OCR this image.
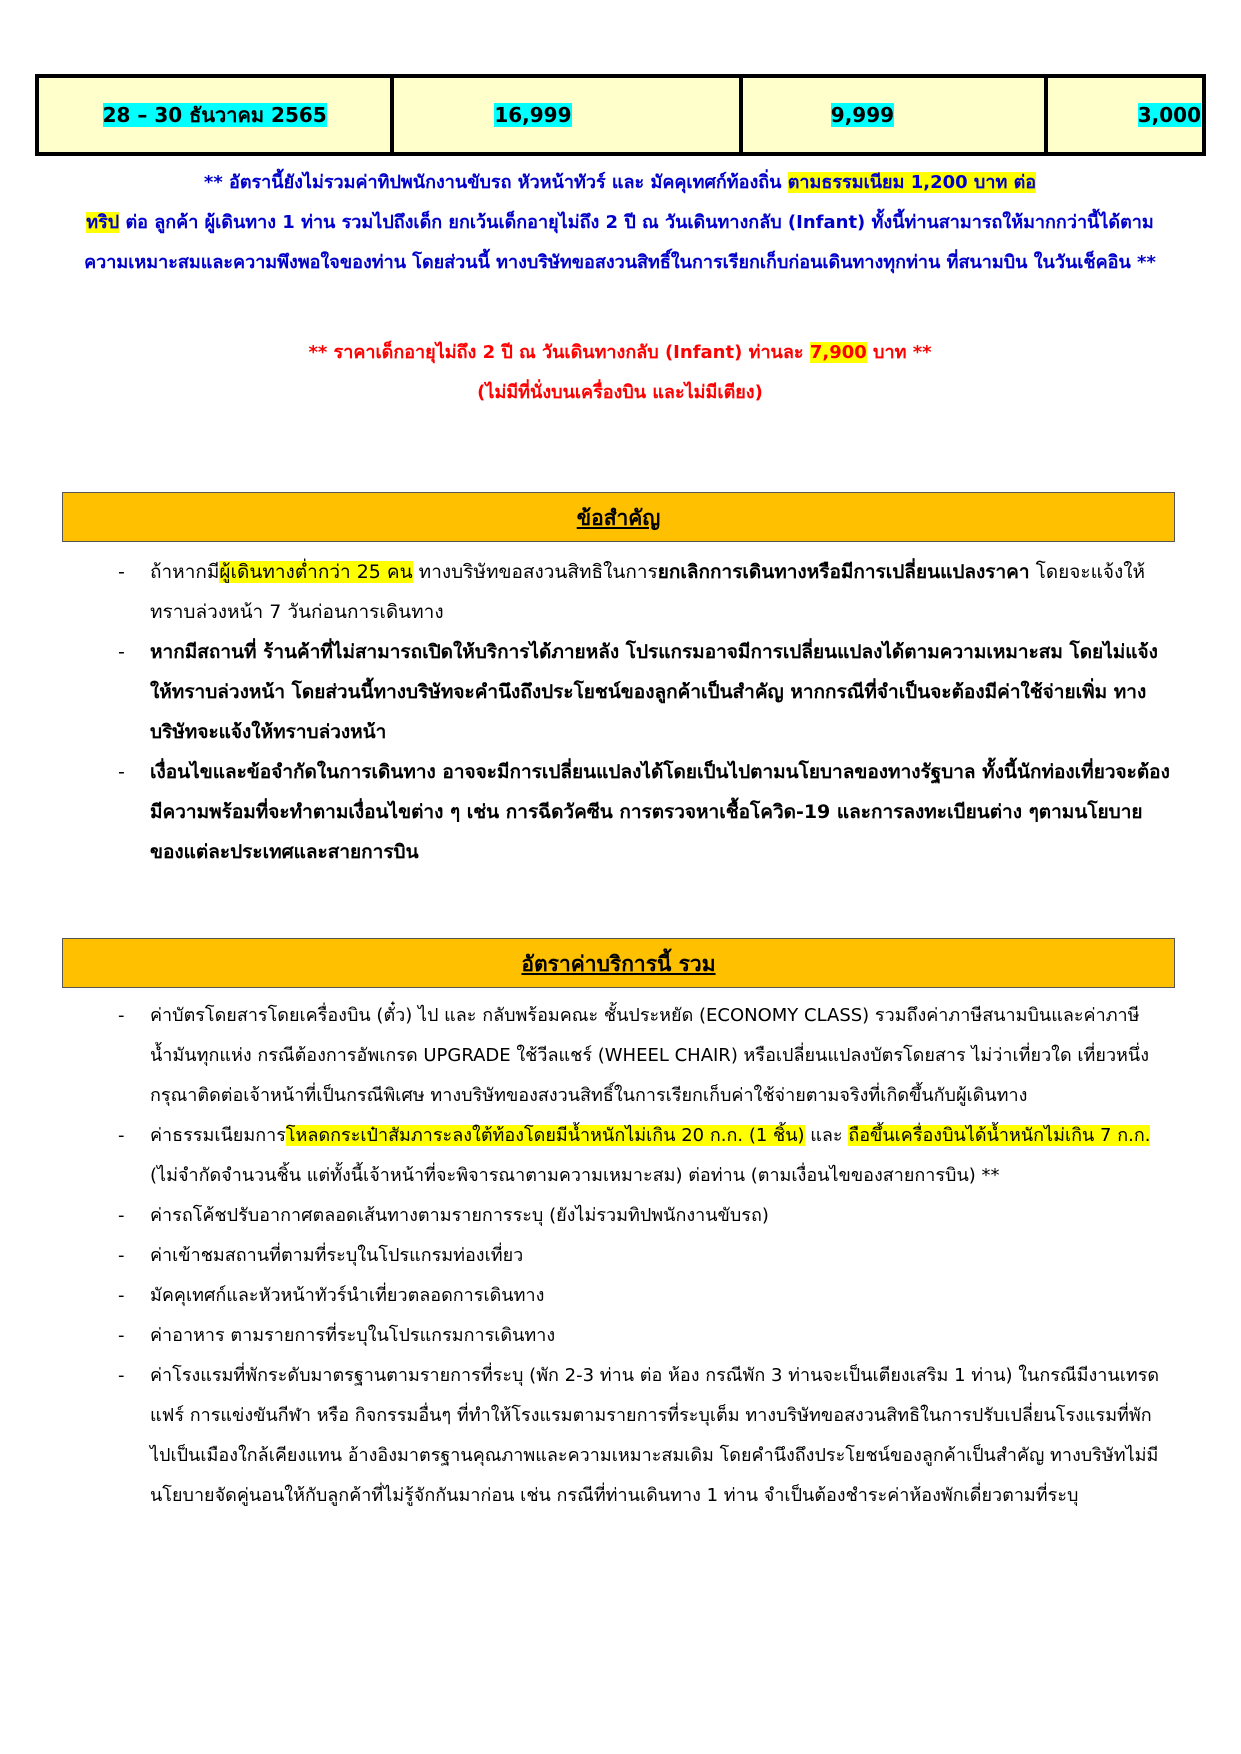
28 – 30 ธันวาคม 2565	16,999	9,999	3,000
** อัตรานี้ยังไม่รวมค่าทิปพนักงานขับรถ หัวหน้าทัวร์ และ มัคคุเทศก์ท้องถิ่น ตามธรรมเนียม 1,200 บาท ต่อ
ทริป ต่อ ลูกค้า ผู้เดินทาง 1 ท่าน รวมไปถึงเด็ก ยกเว้นเด็กอายุไม่ถึง 2 ปี ณ วันเดินทางกลับ (Infant) ทั้งนี้ท่านสามารถให้มากกว่านี้ได้ตามความเหมาะสมและความพึงพอใจของท่าน โดยส่วนนี้ ทางบริษัทขอสงวนสิทธิ์ในการเรียกเก็บก่อนเดินทางทุกท่าน ที่สนามบิน ในวันเช็คอิน **
** ราคาเด็กอายุไม่ถึง 2 ปี ณ วันเดินทางกลับ (Infant) ท่านละ 7,900 บาท **
(ไม่มีที่นั่งบนเครื่องบิน และไม่มีเตียง)
ข้อสำคัญ
- ถ้าหากมีผู้เดินทางต่ำกว่า 25 คน ทางบริษัทขอสงวนสิทธิในการยกเลิกการเดินทางหรือมีการเปลี่ยนแปลงราคา โดยจะแจ้งให้ทราบล่วงหน้า 7 วันก่อนการเดินทาง
- หากมีสถานที่ ร้านค้าที่ไม่สามารถเปิดให้บริการได้ภายหลัง โปรแกรมอาจมีการเปลี่ยนแปลงได้ตามความเหมาะสม โดยไม่แจ้งให้ทราบล่วงหน้า โดยส่วนนี้ทางบริษัทจะคำนึงถึงประโยชน์ของลูกค้าเป็นสำคัญ หากกรณีที่จำเป็นจะต้องมีค่าใช้จ่ายเพิ่ม ทางบริษัทจะแจ้งให้ทราบล่วงหน้า
- เงื่อนไขและข้อจำกัดในการเดินทาง อาจจะมีการเปลี่ยนแปลงได้โดยเป็นไปตามนโยบาลของทางรัฐบาล ทั้งนี้นักท่องเที่ยวจะต้องมีความพร้อมที่จะทำตามเงื่อนไขต่าง ๆ เช่น การฉีดวัคซีน การตรวจหาเชื้อโควิด-19 และการลงทะเบียนต่าง ๆตามนโยบายของแต่ละประเทศและสายการบิน
อัตราค่าบริการนี้ รวม
- ค่าบัตรโดยสารโดยเครื่องบิน (ตั๋ว) ไป และ กลับพร้อมคณะ ชั้นประหยัด (ECONOMY CLASS) รวมถึงค่าภาษีสนามบินและค่าภาษีน้ำมันทุกแห่ง กรณีต้องการอัพเกรด UPGRADE ใช้วีลแชร์ (WHEEL CHAIR) หรือเปลี่ยนแปลงบัตรโดยสาร ไม่ว่าเที่ยวใด เที่ยวหนึ่ง กรุณาติดต่อเจ้าหน้าที่เป็นกรณีพิเศษ ทางบริษัทของสงวนสิทธิ์ในการเรียกเก็บค่าใช้จ่ายตามจริงที่เกิดขึ้นกับผู้เดินทาง
- ค่าธรรมเนียมการโหลดกระเป๋าสัมภาระลงใต้ท้องโดยมีน้ำหนักไม่เกิน 20 ก.ก. (1 ชิ้น) และ ถือขึ้นเครื่องบินได้น้ำหนักไม่เกิน 7 ก.ก. (ไม่จำกัดจำนวนชิ้น แต่ทั้งนี้เจ้าหน้าที่จะพิจารณาตามความเหมาะสม) ต่อท่าน (ตามเงื่อนไขของสายการบิน) **
- ค่ารถโค้ชปรับอากาศตลอดเส้นทางตามรายการระบุ (ยังไม่รวมทิปพนักงานขับรถ)
- ค่าเข้าชมสถานที่ตามที่ระบุในโปรแกรมท่องเที่ยว
- มัคคุเทศก์และหัวหน้าทัวร์นำเที่ยวตลอดการเดินทาง
- ค่าอาหาร ตามรายการที่ระบุในโปรแกรมการเดินทาง
- ค่าโรงแรมที่พักระดับมาตรฐานตามรายการที่ระบุ (พัก 2-3 ท่าน ต่อ ห้อง กรณีพัก 3 ท่านจะเป็นเตียงเสริม 1 ท่าน) ในกรณีมีงานเทรดแฟร์ การแข่งขันกีฬา หรือ กิจกรรมอื่นๆ ที่ทำให้โรงแรมตามรายการที่ระบุเต็ม ทางบริษัทขอสงวนสิทธิในการปรับเปลี่ยนโรงแรมที่พัก ไปเป็นเมืองใกล้เคียงแทน อ้างอิงมาตรฐานคุณภาพและความเหมาะสมเดิม โดยคำนึงถึงประโยชน์ของลูกค้าเป็นสำคัญ ทางบริษัทไม่มีนโยบายจัดคู่นอนให้กับลูกค้าที่ไม่รู้จักกันมาก่อน เช่น กรณีที่ท่านเดินทาง 1 ท่าน จำเป็นต้องชำระค่าห้องพักเดี่ยวตามที่ระบุ
